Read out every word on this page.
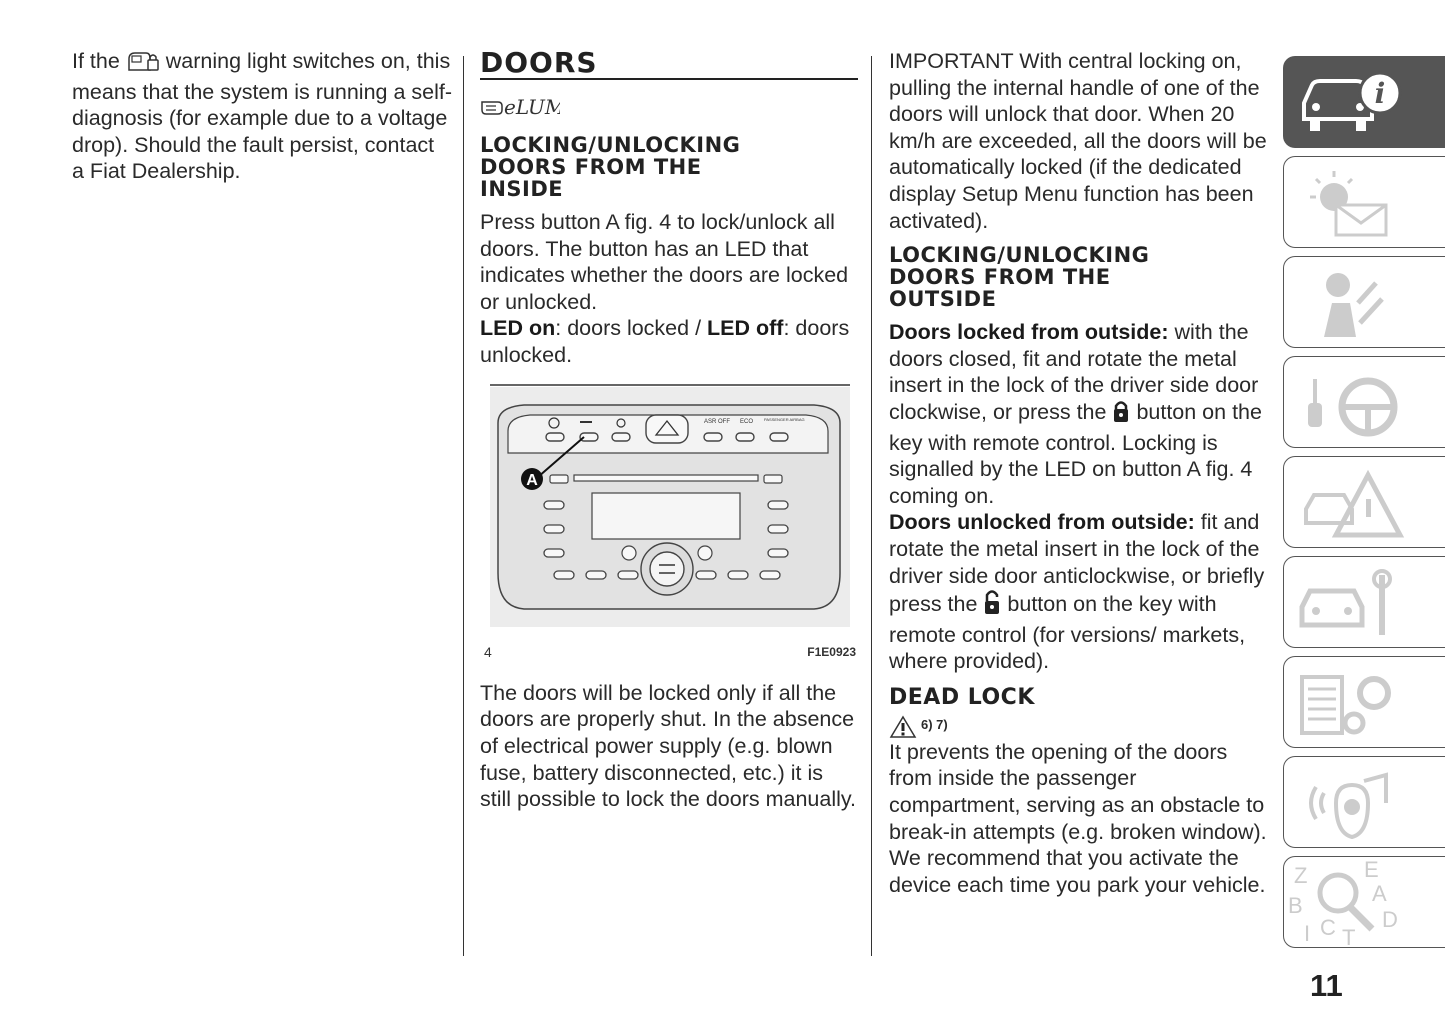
If the warning light switches on, this means that the system is running a self-diagnosis (for example due to a voltage drop). Should the fault persist, contact a Fiat Dealership.

DOORS
eLUM
LOCKING/UNLOCKING
DOORS FROM THE
INSIDE

Press button A fig. 4 to lock/unlock all doors. The button has an LED that indicates whether the doors are locked or unlocked.

LED on: doors locked / LED off: doors unlocked.

ASR OFF ECO	PASSENGER AIRBAG
A
4	F1E0923

The doors will be locked only if all the doors are properly shut. In the absence of electrical power supply (e.g. blown fuse, battery disconnected, etc.) it is still possible to lock the doors manually.

IMPORTANT With central locking on, pulling the internal handle of one of the doors will unlock that door. When 20 km/h are exceeded, all the doors will be automatically locked (if the dedicated display Setup Menu function has been activated).

LOCKING/UNLOCKING
DOORS FROM THE
OUTSIDE

Doors locked from outside: with the doors closed, fit and rotate the metal insert in the lock of the driver side door clockwise, or press the button on the key with remote control. Locking is signalled by the LED on button A fig. 4 coming on.

Doors unlocked from outside: fit and rotate the metal insert in the lock of the driver side door anticlockwise, or briefly press the button on the key with remote control (for versions/ markets, where provided).

DEAD LOCK
6) 7)

It prevents the opening of the doors from inside the passenger compartment, serving as an obstacle to break-in attempts (e.g. broken window). We recommend that you activate the device each time you park your vehicle.

i
Z	E
B	A
D
I C T
11
